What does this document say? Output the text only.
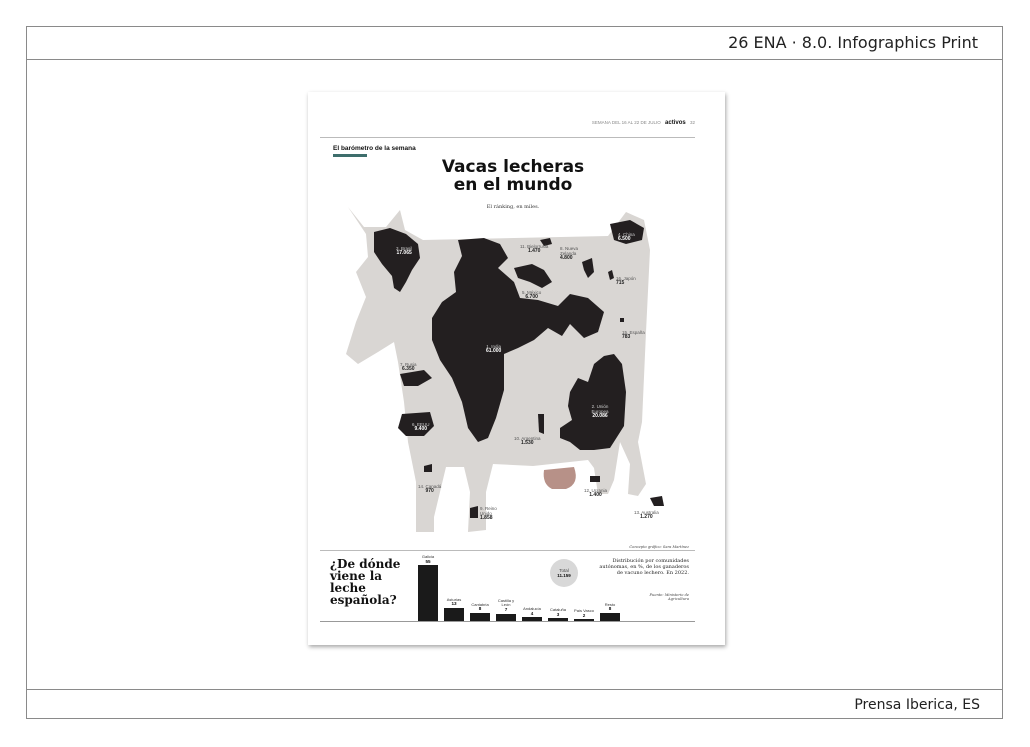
26 ENA · 8.0. Infographics Print
Prensa Iberica, ES
SEMANA DEL 16 AL 22 DE JULIO activos 32
El barómetro de la semana
Vacas lecheras
en el mundo
El ránking, en miles.
3. Brasil
17.065
11. Bielorrusia
1.470	8. Nueva Zelanda
4.800
4. China
6.500
16. Japón
715
5. México
6.700
15. España
783
1. India
61.000
7. Rusia
6.350
2. Unión Europea
20.086
6. EEUU
9.400
10. Argentina
1.530
14. Canadá
970	12. Ucrania
1.400
9. Reino Unido
1.858
13. Australia
1.270
Concepto gráfico: Sara Martínez
¿De dónde
viene la leche
española?
Galicia
55
Asturias
13	Cantabria
8
Castilla y León
7	Andalucía
4
Cataluña
3
País Vasco
2
Resto
8
Total
11.159
Distribución por comunidades autónomas, en %, de los ganaderos de vacuno lechero. En 2022.
Fuente: Ministerio de Agricultura
